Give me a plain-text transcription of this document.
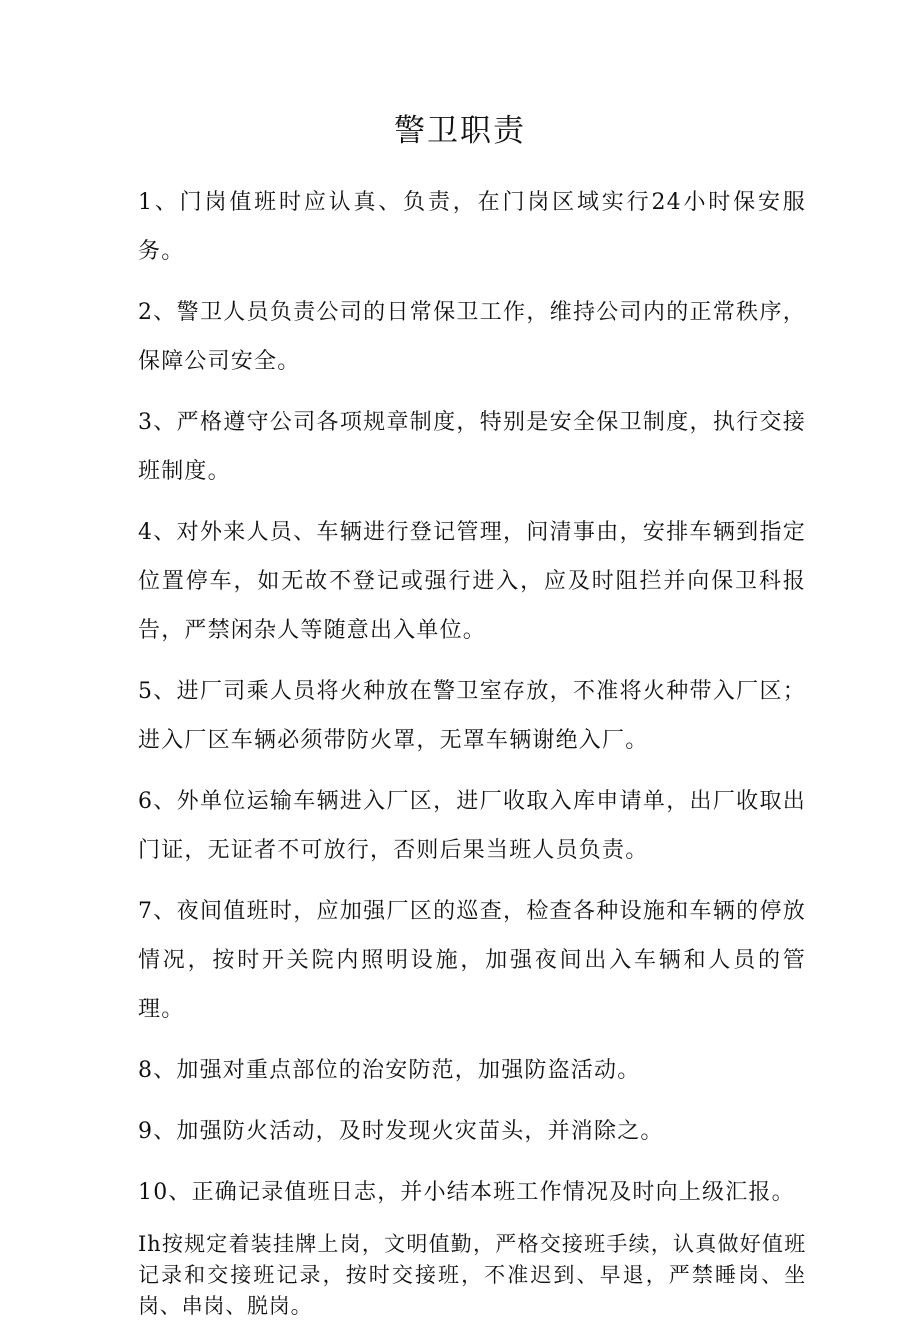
警卫职责

1、门岗值班时应认真、负责，在门岗区域实行24小时保安服务。

2、警卫人员负责公司的日常保卫工作，维持公司内的正常秩序，保障公司安全。

3、严格遵守公司各项规章制度，特别是安全保卫制度，执行交接班制度。

4、对外来人员、车辆进行登记管理，问清事由，安排车辆到指定位置停车，如无故不登记或强行进入，应及时阻拦并向保卫科报告，严禁闲杂人等随意出入单位。

5、进厂司乘人员将火种放在警卫室存放，不准将火种带入厂区；进入厂区车辆必须带防火罩，无罩车辆谢绝入厂。

6、外单位运输车辆进入厂区，进厂收取入库申请单，出厂收取出门证，无证者不可放行，否则后果当班人员负责。

7、夜间值班时，应加强厂区的巡查，检查各种设施和车辆的停放情况，按时开关院内照明设施，加强夜间出入车辆和人员的管理。

8、加强对重点部位的治安防范，加强防盗活动。

9、加强防火活动，及时发现火灾苗头，并消除之。

10、正确记录值班日志，并小结本班工作情况及时向上级汇报。

Ih按规定着装挂牌上岗，文明值勤，严格交接班手续，认真做好值班记录和交接班记录，按时交接班，不准迟到、早退，严禁睡岗、坐岗、串岗、脱岗。
